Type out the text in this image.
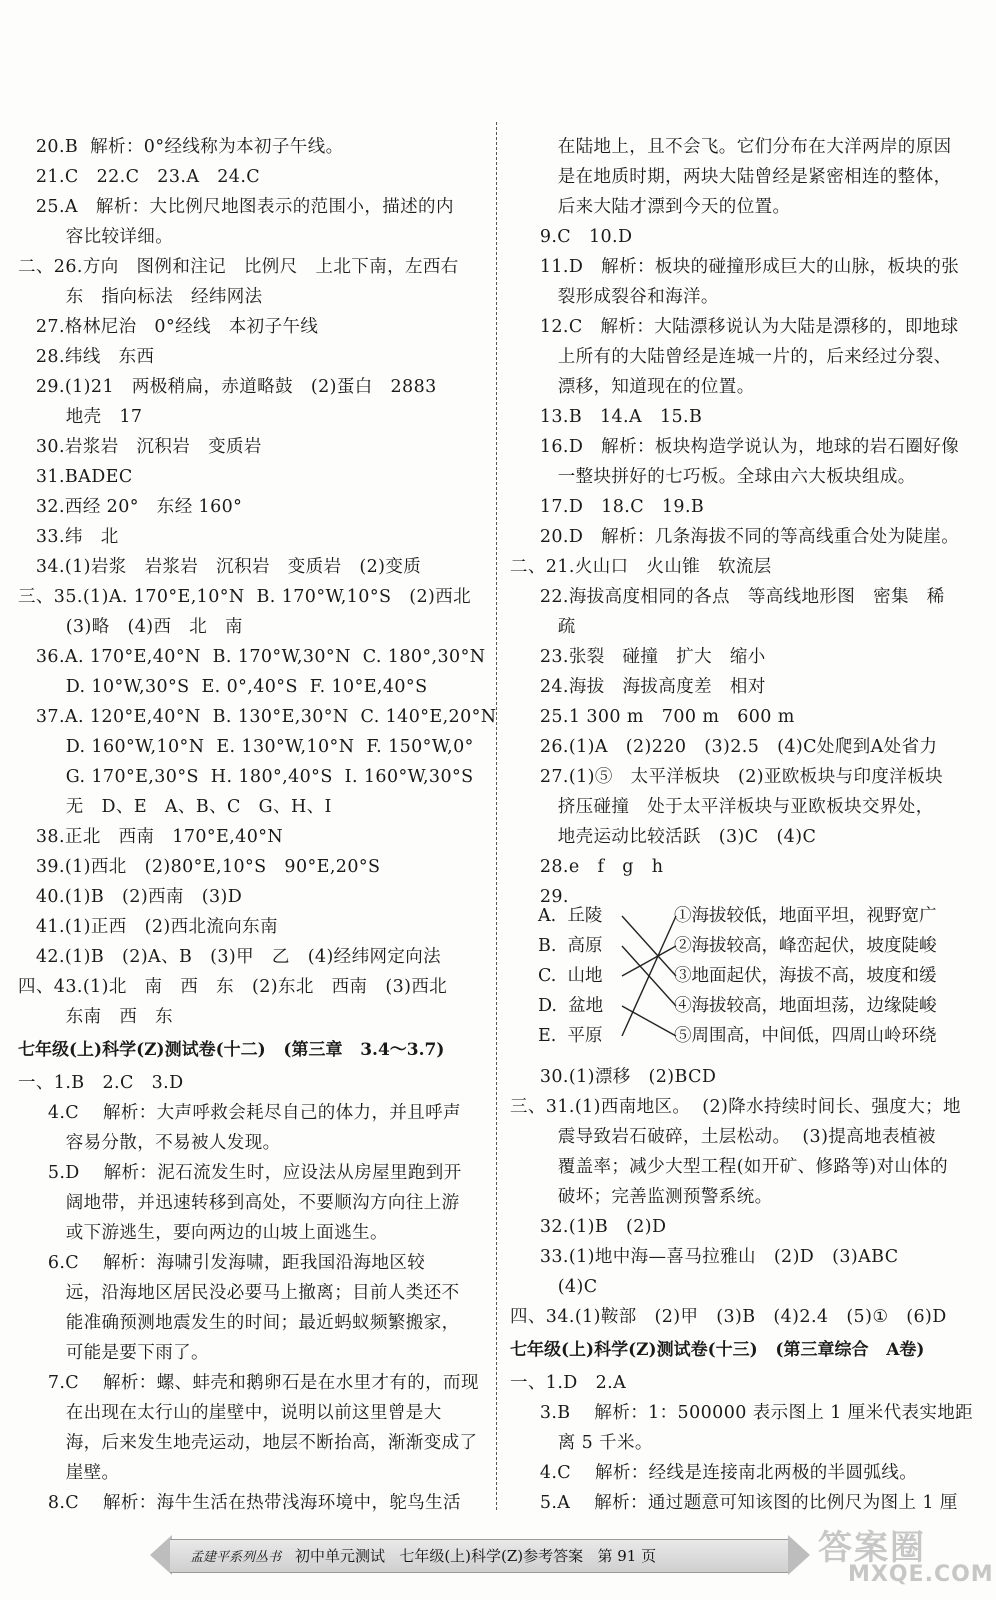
20.B  解析：0°经线称为本初子午线。
21.C   22.C   23.A   24.C
25.A   解析：大比例尺地图表示的范围小，描述的内
容比较详细。
二、26.方向   图例和注记   比例尺   上北下南，左西右
东   指向标法   经纬网法
27.格林尼治   0°经线   本初子午线
28.纬线   东西
29.(1)21   两极稍扁，赤道略鼓   (2)蛋白   2883
地壳   17
30.岩浆岩   沉积岩   变质岩
31.BADEC
32.西经 20°   东经 160°
33.纬   北
34.(1)岩浆   岩浆岩   沉积岩   变质岩   (2)变质
三、35.(1)A. 170°E,10°N  B. 170°W,10°S   (2)西北
(3)略   (4)西   北   南
36.A. 170°E,40°N  B. 170°W,30°N  C. 180°,30°N
D. 10°W,30°S  E. 0°,40°S  F. 10°E,40°S
37.A. 120°E,40°N  B. 130°E,30°N  C. 140°E,20°N
D. 160°W,10°N  E. 130°W,10°N  F. 150°W,0°
G. 170°E,30°S  H. 180°,40°S  I. 160°W,30°S
无   D、E   A、B、C   G、H、I
38.正北   西南   170°E,40°N
39.(1)西北   (2)80°E,10°S   90°E,20°S
40.(1)B   (2)西南   (3)D
41.(1)正西   (2)西北流向东南
42.(1)B   (2)A、B   (3)甲   乙   (4)经纬网定向法
四、43.(1)北   南   西   东   (2)东北   西南   (3)西北
东南   西   东
七年级(上)科学(Z)测试卷(十二)   (第三章   3.4～3.7)
一、1.B   2.C   3.D
4.C    解析：大声呼救会耗尽自己的体力，并且呼声
容易分散，不易被人发现。
5.D    解析：泥石流发生时，应设法从房屋里跑到开
阔地带，并迅速转移到高处，不要顺沟方向往上游
或下游逃生，要向两边的山坡上面逃生。
6.C    解析：海啸引发海啸，距我国沿海地区较
远，沿海地区居民没必要马上撤离；目前人类还不
能准确预测地震发生的时间；最近蚂蚁频繁搬家，
可能是要下雨了。
7.C    解析：螺、蚌壳和鹅卵石是在水里才有的，而现
在出现在太行山的崖壁中，说明以前这里曾是大
海，后来发生地壳运动，地层不断抬高，渐渐变成了
崖壁。
8.C    解析：海牛生活在热带浅海环境中，鸵鸟生活
在陆地上，且不会飞。它们分布在大洋两岸的原因
是在地质时期，两块大陆曾经是紧密相连的整体，
后来大陆才漂到今天的位置。
9.C   10.D
11.D   解析：板块的碰撞形成巨大的山脉，板块的张
裂形成裂谷和海洋。
12.C   解析：大陆漂移说认为大陆是漂移的，即地球
上所有的大陆曾经是连城一片的，后来经过分裂、
漂移，知道现在的位置。
13.B   14.A   15.B
16.D   解析：板块构造学说认为，地球的岩石圈好像
一整块拼好的七巧板。全球由六大板块组成。
17.D   18.C   19.B
20.D   解析：几条海拔不同的等高线重合处为陡崖。
二、21.火山口   火山锥   软流层
22.海拔高度相同的各点   等高线地形图   密集   稀
疏
23.张裂   碰撞   扩大   缩小
24.海拔   海拔高度差   相对
25.1 300 m   700 m   600 m
26.(1)A   (2)220   (3)2.5   (4)C处爬到A处省力
27.(1)⑤   太平洋板块   (2)亚欧板块与印度洋板块
挤压碰撞   处于太平洋板块与亚欧板块交界处，
地壳运动比较活跃   (3)C   (4)C
28.e   f   g   h
29.
30.(1)漂移   (2)BCD
三、31.(1)西南地区。  (2)降水持续时间长、强度大；地
震导致岩石破碎，土层松动。  (3)提高地表植被
覆盖率；减少大型工程(如开矿、修路等)对山体的
破坏；完善监测预警系统。
32.(1)B   (2)D
33.(1)地中海—喜马拉雅山   (2)D   (3)ABC
(4)C
四、34.(1)鞍部   (2)甲   (3)B   (4)2.4   (5)①   (6)D
七年级(上)科学(Z)测试卷(十三)   (第三章综合   A卷)
一、1.D   2.A
3.B    解析：1：500000 表示图上 1 厘米代表实地距
离 5 千米。
4.C    解析：经线是连接南北两极的半圆弧线。
5.A    解析：通过题意可知该图的比例尺为图上 1 厘
A.  丘陵
B.  高原
C.  山地
D.  盆地
E.  平原
①海拔较低，地面平坦，视野宽广
②海拔较高，峰峦起伏，坡度陡峻
③地面起伏，海拔不高，坡度和缓
④海拔较高，地面坦荡，边缘陡峻
⑤周围高，中间低，四周山岭环绕
孟建平系列丛书 初中单元测试   七年级(上)科学(Z)参考答案   第 91 页	答案圈
MXQE.COM
